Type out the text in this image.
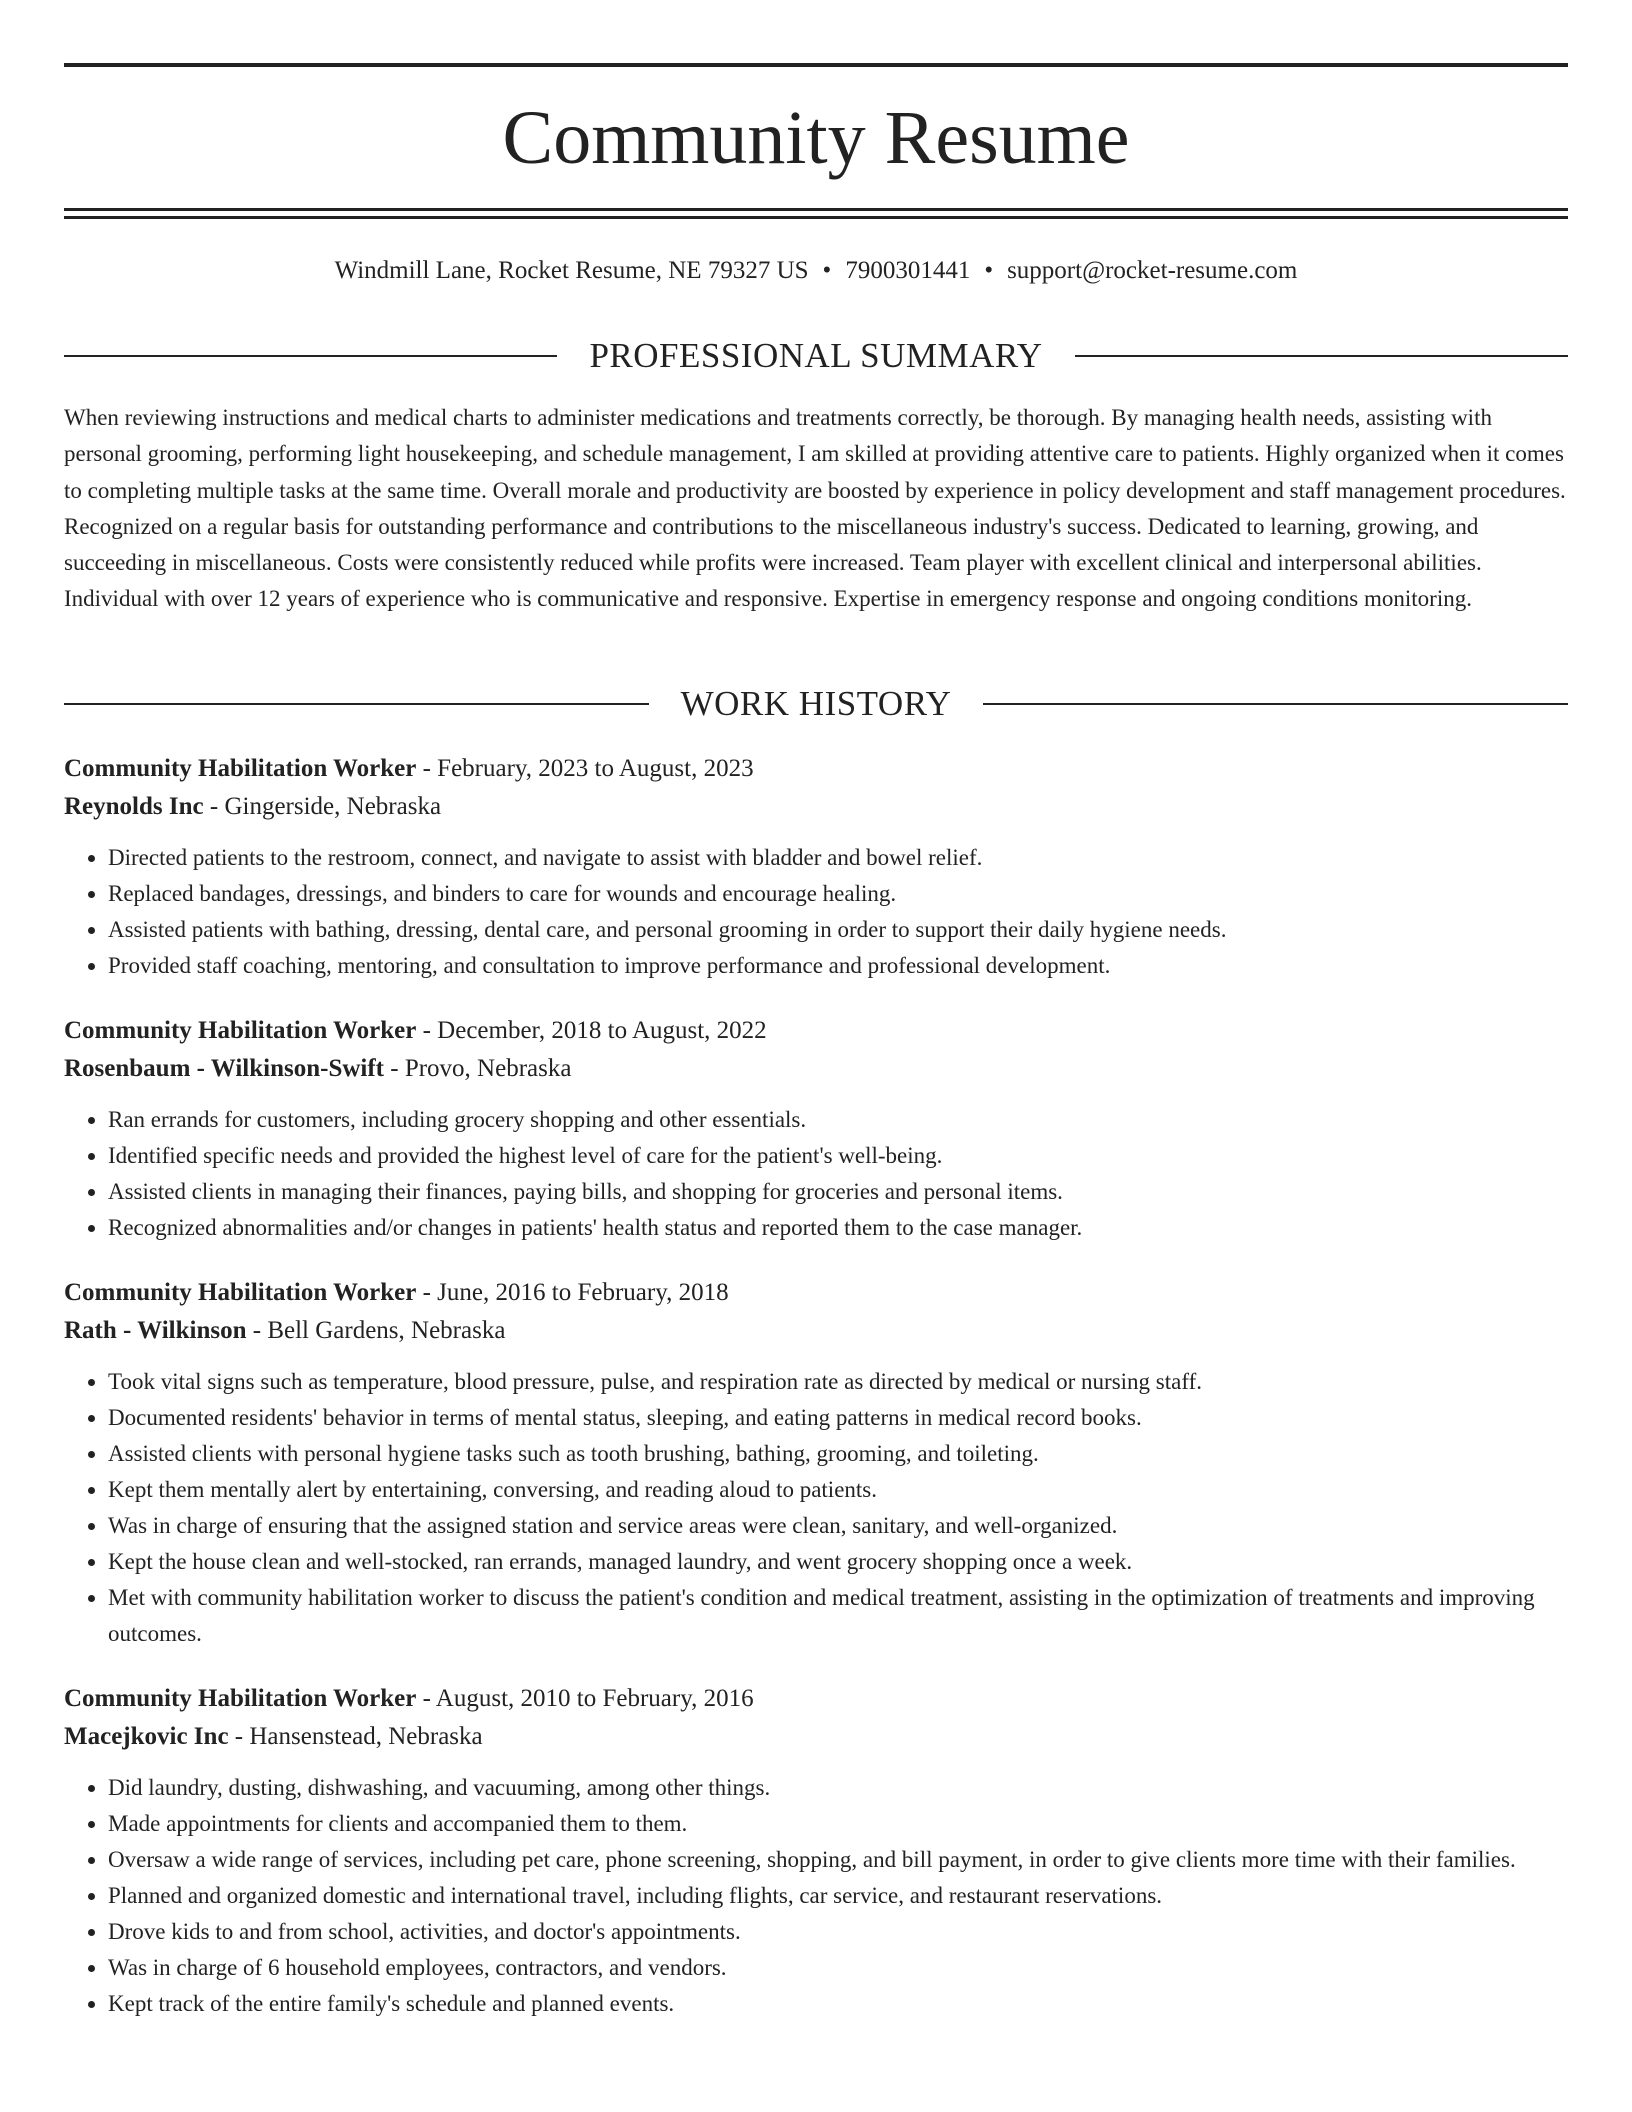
Community Resume
Windmill Lane, Rocket Resume, NE 79327 US • 7900301441 • support@rocket-resume.com
PROFESSIONAL SUMMARY

When reviewing instructions and medical charts to administer medications and treatments correctly, be thorough. By managing health needs, assisting with personal grooming, performing light housekeeping, and schedule management, I am skilled at providing attentive care to patients. Highly organized when it comes to completing multiple tasks at the same time. Overall morale and productivity are boosted by experience in policy development and staff management procedures. Recognized on a regular basis for outstanding performance and contributions to the miscellaneous industry's success. Dedicated to learning, growing, and succeeding in miscellaneous. Costs were consistently reduced while profits were increased. Team player with excellent clinical and interpersonal abilities. Individual with over 12 years of experience who is communicative and responsive. Expertise in emergency response and ongoing conditions monitoring.

WORK HISTORY
Community Habilitation Worker - February, 2023 to August, 2023
Reynolds Inc - Gingerside, Nebraska
• Directed patients to the restroom, connect, and navigate to assist with bladder and bowel relief.
• Replaced bandages, dressings, and binders to care for wounds and encourage healing.
• Assisted patients with bathing, dressing, dental care, and personal grooming in order to support their daily hygiene needs.
• Provided staff coaching, mentoring, and consultation to improve performance and professional development.
Community Habilitation Worker - December, 2018 to August, 2022
Rosenbaum - Wilkinson-Swift - Provo, Nebraska
• Ran errands for customers, including grocery shopping and other essentials.
• Identified specific needs and provided the highest level of care for the patient's well-being.
• Assisted clients in managing their finances, paying bills, and shopping for groceries and personal items.
• Recognized abnormalities and/or changes in patients' health status and reported them to the case manager.
Community Habilitation Worker - June, 2016 to February, 2018
Rath - Wilkinson - Bell Gardens, Nebraska
• Took vital signs such as temperature, blood pressure, pulse, and respiration rate as directed by medical or nursing staff.
• Documented residents' behavior in terms of mental status, sleeping, and eating patterns in medical record books.
• Assisted clients with personal hygiene tasks such as tooth brushing, bathing, grooming, and toileting.
• Kept them mentally alert by entertaining, conversing, and reading aloud to patients.
• Was in charge of ensuring that the assigned station and service areas were clean, sanitary, and well-organized.
• Kept the house clean and well-stocked, ran errands, managed laundry, and went grocery shopping once a week.
• Met with community habilitation worker to discuss the patient's condition and medical treatment, assisting in the optimization of treatments and improving outcomes.
Community Habilitation Worker - August, 2010 to February, 2016
Macejkovic Inc - Hansenstead, Nebraska
• Did laundry, dusting, dishwashing, and vacuuming, among other things.
• Made appointments for clients and accompanied them to them.
• Oversaw a wide range of services, including pet care, phone screening, shopping, and bill payment, in order to give clients more time with their families.
• Planned and organized domestic and international travel, including flights, car service, and restaurant reservations.
• Drove kids to and from school, activities, and doctor's appointments.
• Was in charge of 6 household employees, contractors, and vendors.
• Kept track of the entire family's schedule and planned events.
